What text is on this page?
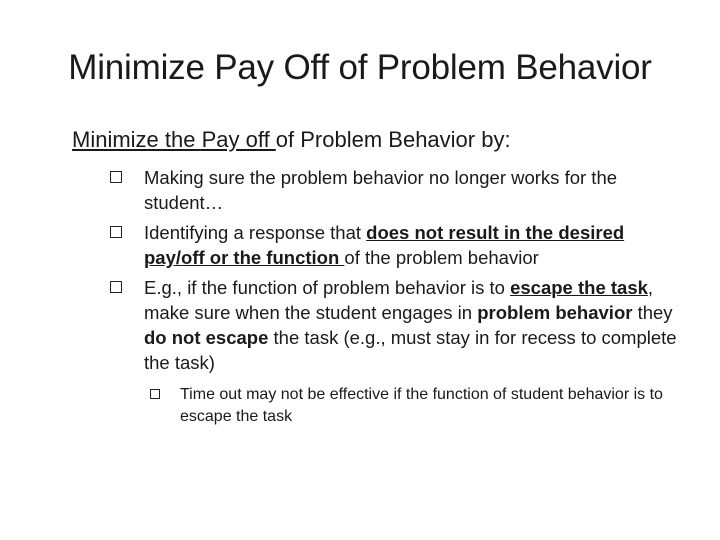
Minimize Pay Off of Problem Behavior
Minimize the Pay off of Problem Behavior by:
Making sure the problem behavior no longer works for the student…
Identifying a response that does not result in the desired pay/off or the function of the problem behavior
E.g., if the function of problem behavior is to escape the task, make sure when the student engages in problem behavior they do not escape the task (e.g., must stay in for recess to complete the task)
Time out may not be effective if the function of student behavior is to escape the task
